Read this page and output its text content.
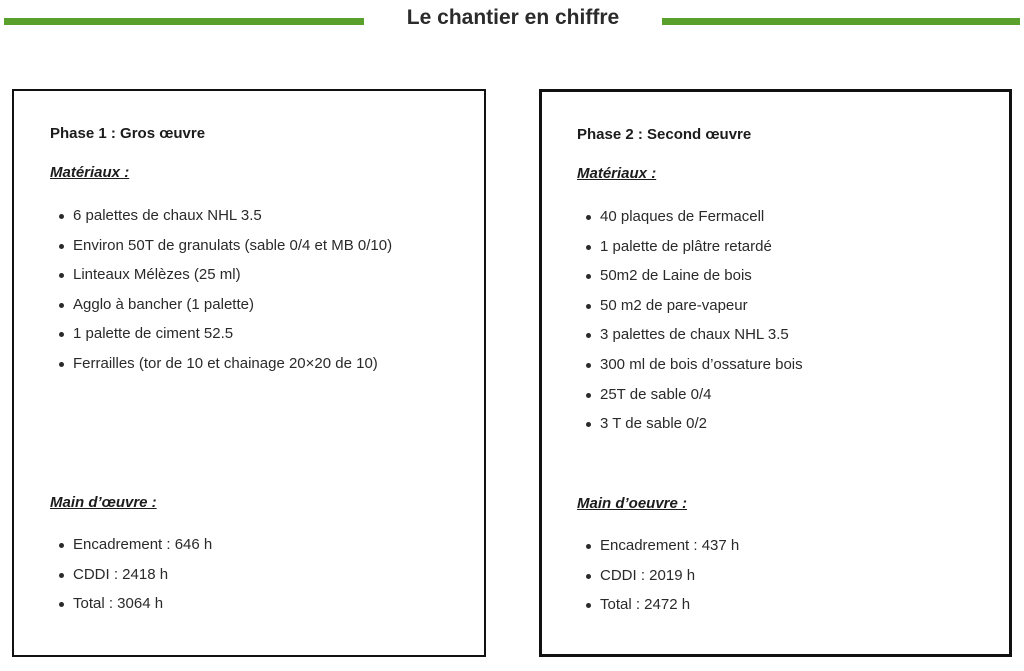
Le chantier en chiffre
Phase 1 : Gros œuvre
Matériaux :
6 palettes de chaux NHL 3.5
Environ 50T de granulats (sable 0/4 et MB 0/10)
Linteaux Mélèzes (25 ml)
Agglo à bancher (1 palette)
1 palette de ciment 52.5
Ferrailles (tor de 10 et chainage 20×20 de 10)
Main d’œuvre :
Encadrement : 646 h
CDDI : 2418 h
Total : 3064 h
Phase 2 : Second œuvre
Matériaux :
40 plaques de Fermacell
1 palette de plâtre retardé
50m2 de Laine de bois
50 m2 de pare-vapeur
3 palettes de chaux NHL 3.5
300 ml de bois d’ossature bois
25T de sable 0/4
3 T de sable 0/2
Main d’oeuvre :
Encadrement : 437 h
CDDI : 2019 h
Total : 2472 h
